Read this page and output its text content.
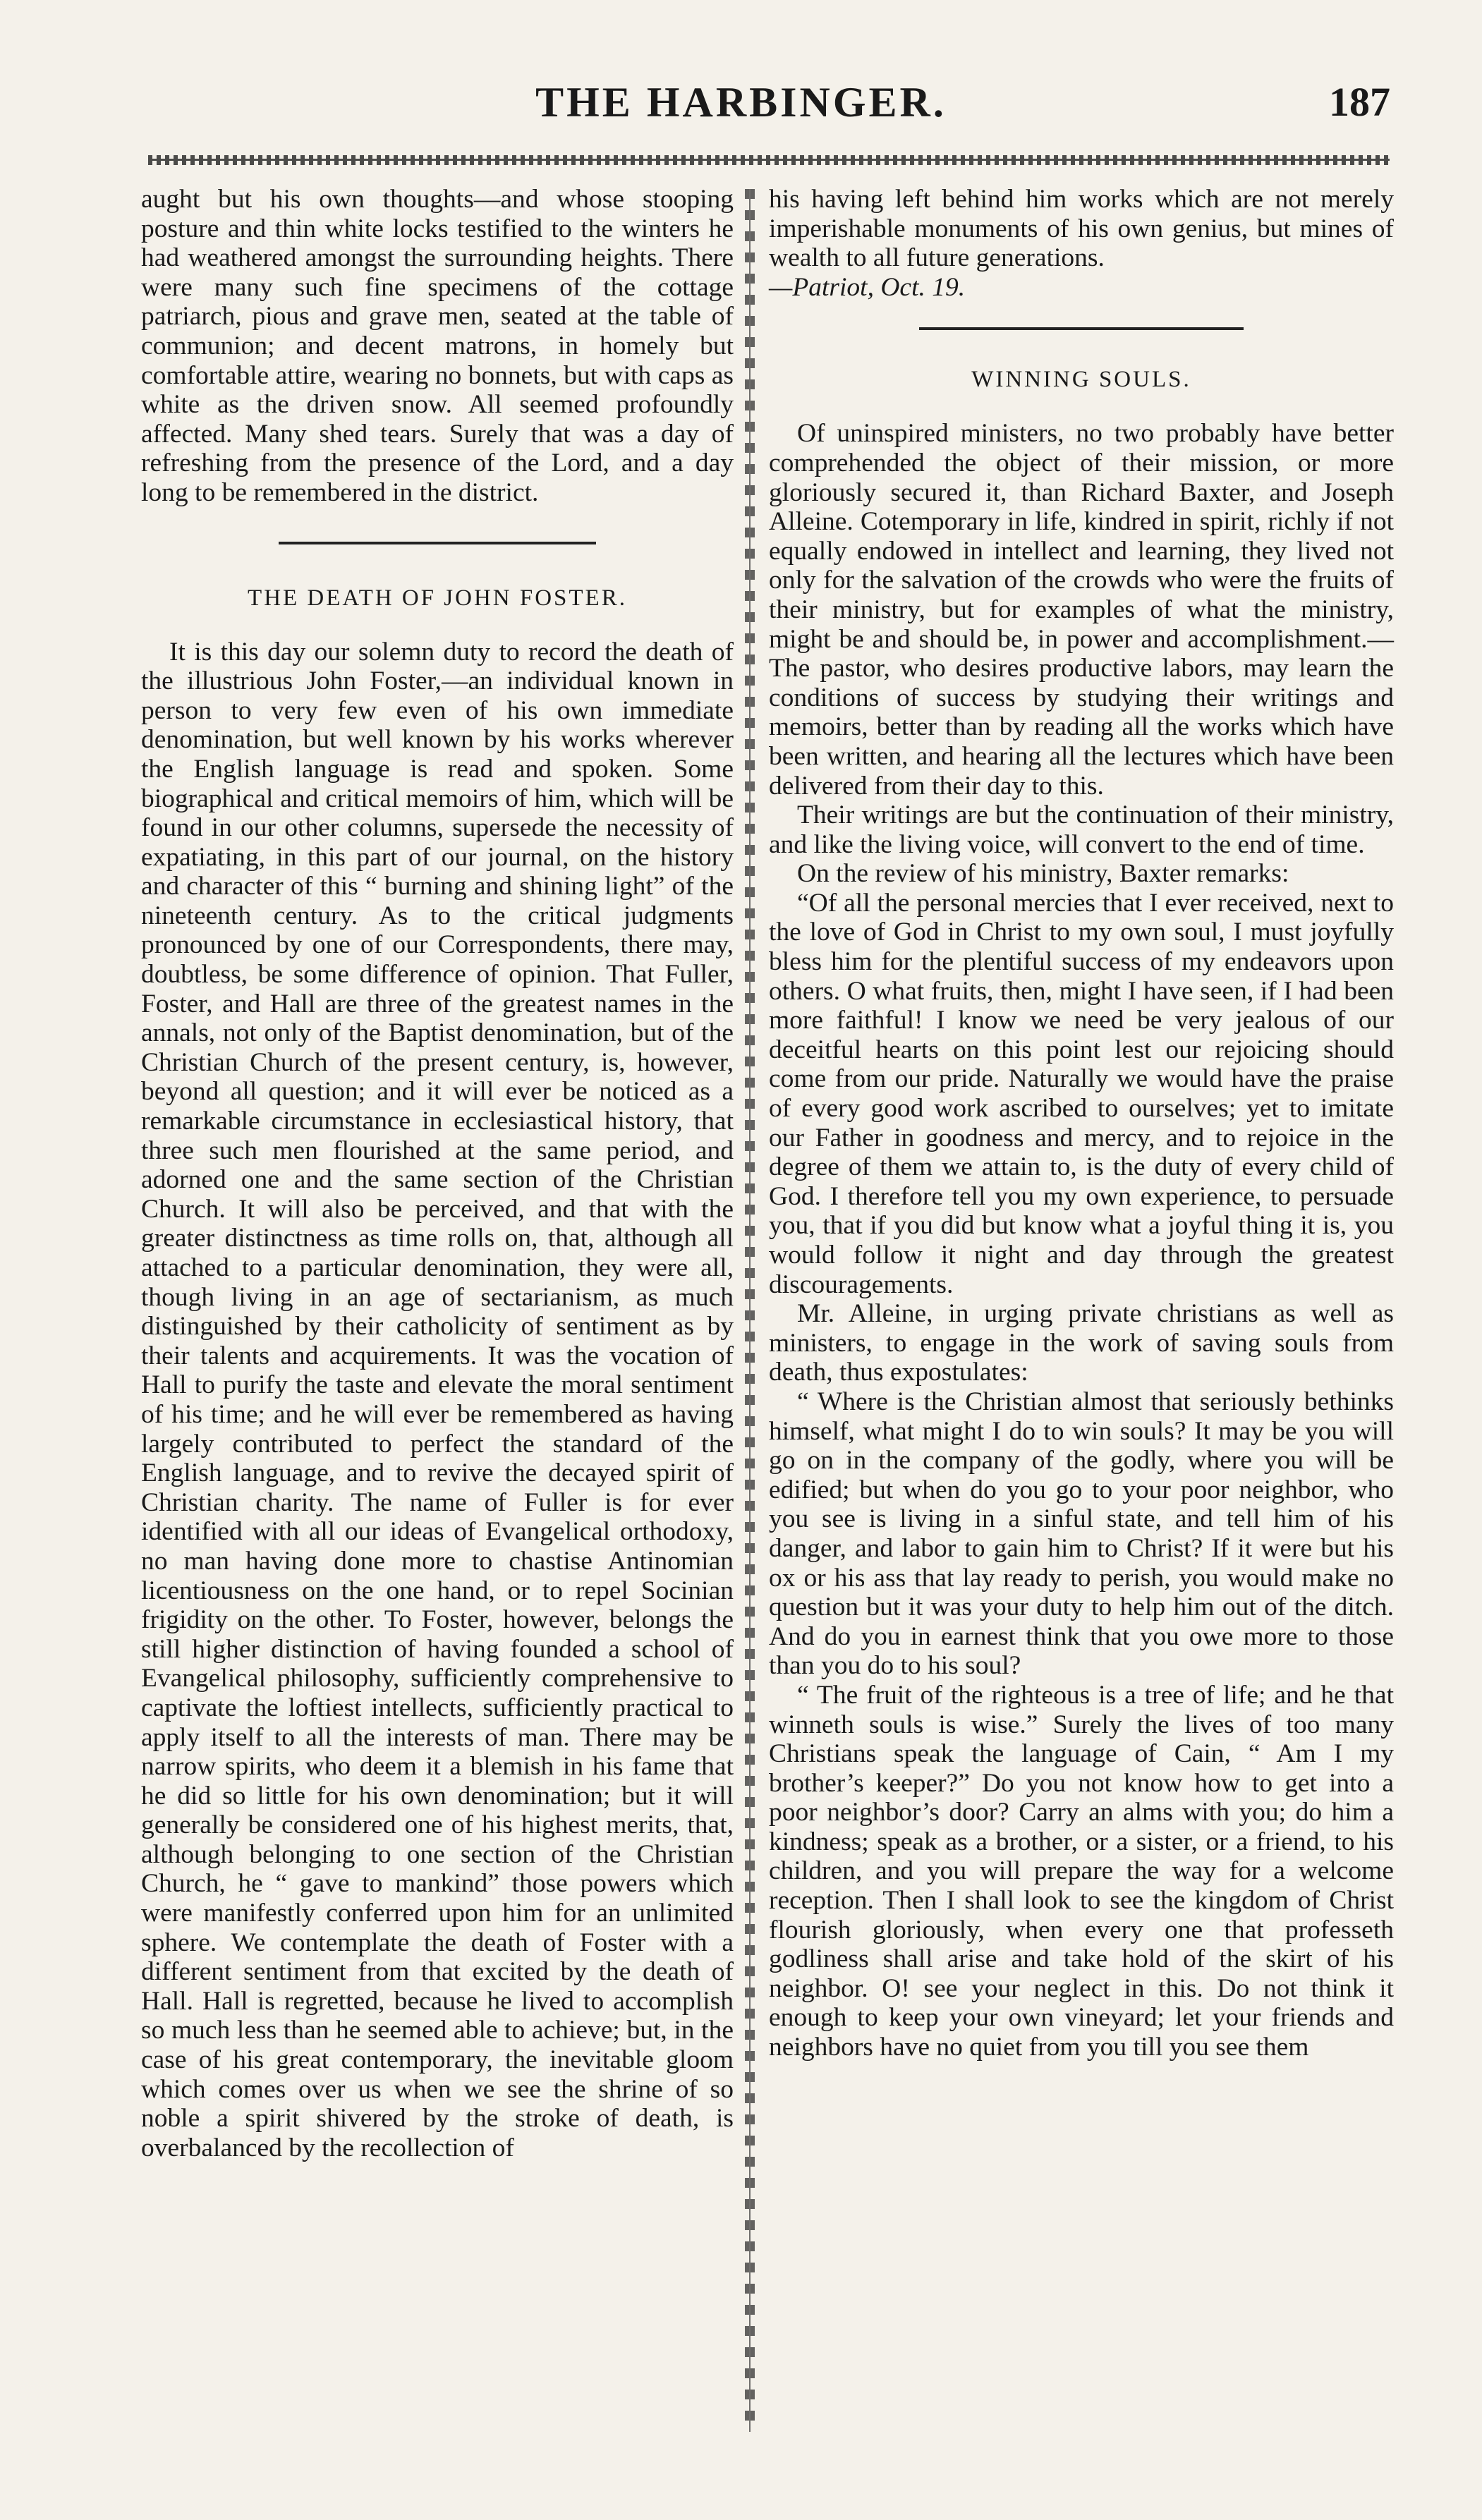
THE HARBINGER.	187

aught but his own thoughts—and whose stooping posture and thin white locks testified to the winters he had weathered amongst the surrounding heights. There were many such fine specimens of the cottage patriarch, pious and grave men, seated at the table of communion; and decent matrons, in homely but comfortable attire, wearing no bonnets, but with caps as white as the driven snow. All seemed profoundly affected. Many shed tears. Surely that was a day of refreshing from the presence of the Lord, and a day long to be remembered in the district.

THE DEATH OF JOHN FOSTER.

It is this day our solemn duty to record the death of the illustrious John Foster,—an individual known in person to very few even of his own immediate denomination, but well known by his works wherever the English language is read and spoken. Some biographical and critical memoirs of him, which will be found in our other columns, supersede the necessity of expatiating, in this part of our journal, on the history and character of this “ burning and shining light” of the nineteenth century. As to the critical judgments pronounced by one of our Correspondents, there may, doubtless, be some difference of opinion. That Fuller, Foster, and Hall are three of the greatest names in the annals, not only of the Baptist denomination, but of the Christian Church of the present century, is, however, beyond all question; and it will ever be noticed as a remarkable circumstance in ecclesiastical history, that three such men flourished at the same period, and adorned one and the same section of the Christian Church. It will also be perceived, and that with the greater distinctness as time rolls on, that, although all attached to a particular denomination, they were all, though living in an age of sectarianism, as much distinguished by their catholicity of sentiment as by their talents and acquirements. It was the vocation of Hall to purify the taste and elevate the moral sentiment of his time; and he will ever be remembered as having largely contributed to perfect the standard of the English language, and to revive the decayed spirit of Christian charity. The name of Fuller is for ever identified with all our ideas of Evangelical orthodoxy, no man having done more to chastise Antinomian licentiousness on the one hand, or to repel Socinian frigidity on the other. To Foster, however, belongs the still higher distinction of having founded a school of Evangelical philosophy, sufficiently comprehensive to captivate the loftiest intellects, sufficiently practical to apply itself to all the interests of man. There may be narrow spirits, who deem it a blemish in his fame that he did so little for his own denomination; but it will generally be considered one of his highest merits, that, although belonging to one section of the Christian Church, he “ gave to mankind” those powers which were manifestly conferred upon him for an unlimited sphere. We contemplate the death of Foster with a different sentiment from that excited by the death of Hall. Hall is regretted, because he lived to accomplish so much less than he seemed able to achieve; but, in the case of his great contemporary, the inevitable gloom which comes over us when we see the shrine of so noble a spirit shivered by the stroke of death, is overbalanced by the recollection of

his having left behind him works which are not merely imperishable monuments of his own genius, but mines of wealth to all future generations.

—Patriot, Oct. 19.

WINNING SOULS.

Of uninspired ministers, no two probably have better comprehended the object of their mission, or more gloriously secured it, than Richard Baxter, and Joseph Alleine. Cotemporary in life, kindred in spirit, richly if not equally endowed in intellect and learning, they lived not only for the salvation of the crowds who were the fruits of their ministry, but for examples of what the ministry, might be and should be, in power and accomplishment.—The pastor, who desires productive labors, may learn the conditions of success by studying their writings and memoirs, better than by reading all the works which have been written, and hearing all the lectures which have been delivered from their day to this.

Their writings are but the continuation of their ministry, and like the living voice, will convert to the end of time.

On the review of his ministry, Baxter remarks:

“Of all the personal mercies that I ever received, next to the love of God in Christ to my own soul, I must joyfully bless him for the plentiful success of my endeavors upon others. O what fruits, then, might I have seen, if I had been more faithful! I know we need be very jealous of our deceitful hearts on this point lest our rejoicing should come from our pride. Naturally we would have the praise of every good work ascribed to ourselves; yet to imitate our Father in goodness and mercy, and to rejoice in the degree of them we attain to, is the duty of every child of God. I therefore tell you my own experience, to persuade you, that if you did but know what a joyful thing it is, you would follow it night and day through the greatest discouragements.

Mr. Alleine, in urging private christians as well as ministers, to engage in the work of saving souls from death, thus expostulates:

“ Where is the Christian almost that seriously bethinks himself, what might I do to win souls? It may be you will go on in the company of the godly, where you will be edified; but when do you go to your poor neighbor, who you see is living in a sinful state, and tell him of his danger, and labor to gain him to Christ? If it were but his ox or his ass that lay ready to perish, you would make no question but it was your duty to help him out of the ditch. And do you in earnest think that you owe more to those than you do to his soul?

“ The fruit of the righteous is a tree of life; and he that winneth souls is wise.” Surely the lives of too many Christians speak the language of Cain, “ Am I my brother’s keeper?” Do you not know how to get into a poor neighbor’s door? Carry an alms with you; do him a kindness; speak as a brother, or a sister, or a friend, to his children, and you will prepare the way for a welcome reception. Then I shall look to see the kingdom of Christ flourish gloriously, when every one that professeth godliness shall arise and take hold of the skirt of his neighbor. O! see your neglect in this. Do not think it enough to keep your own vineyard; let your friends and neighbors have no quiet from you till you see them
